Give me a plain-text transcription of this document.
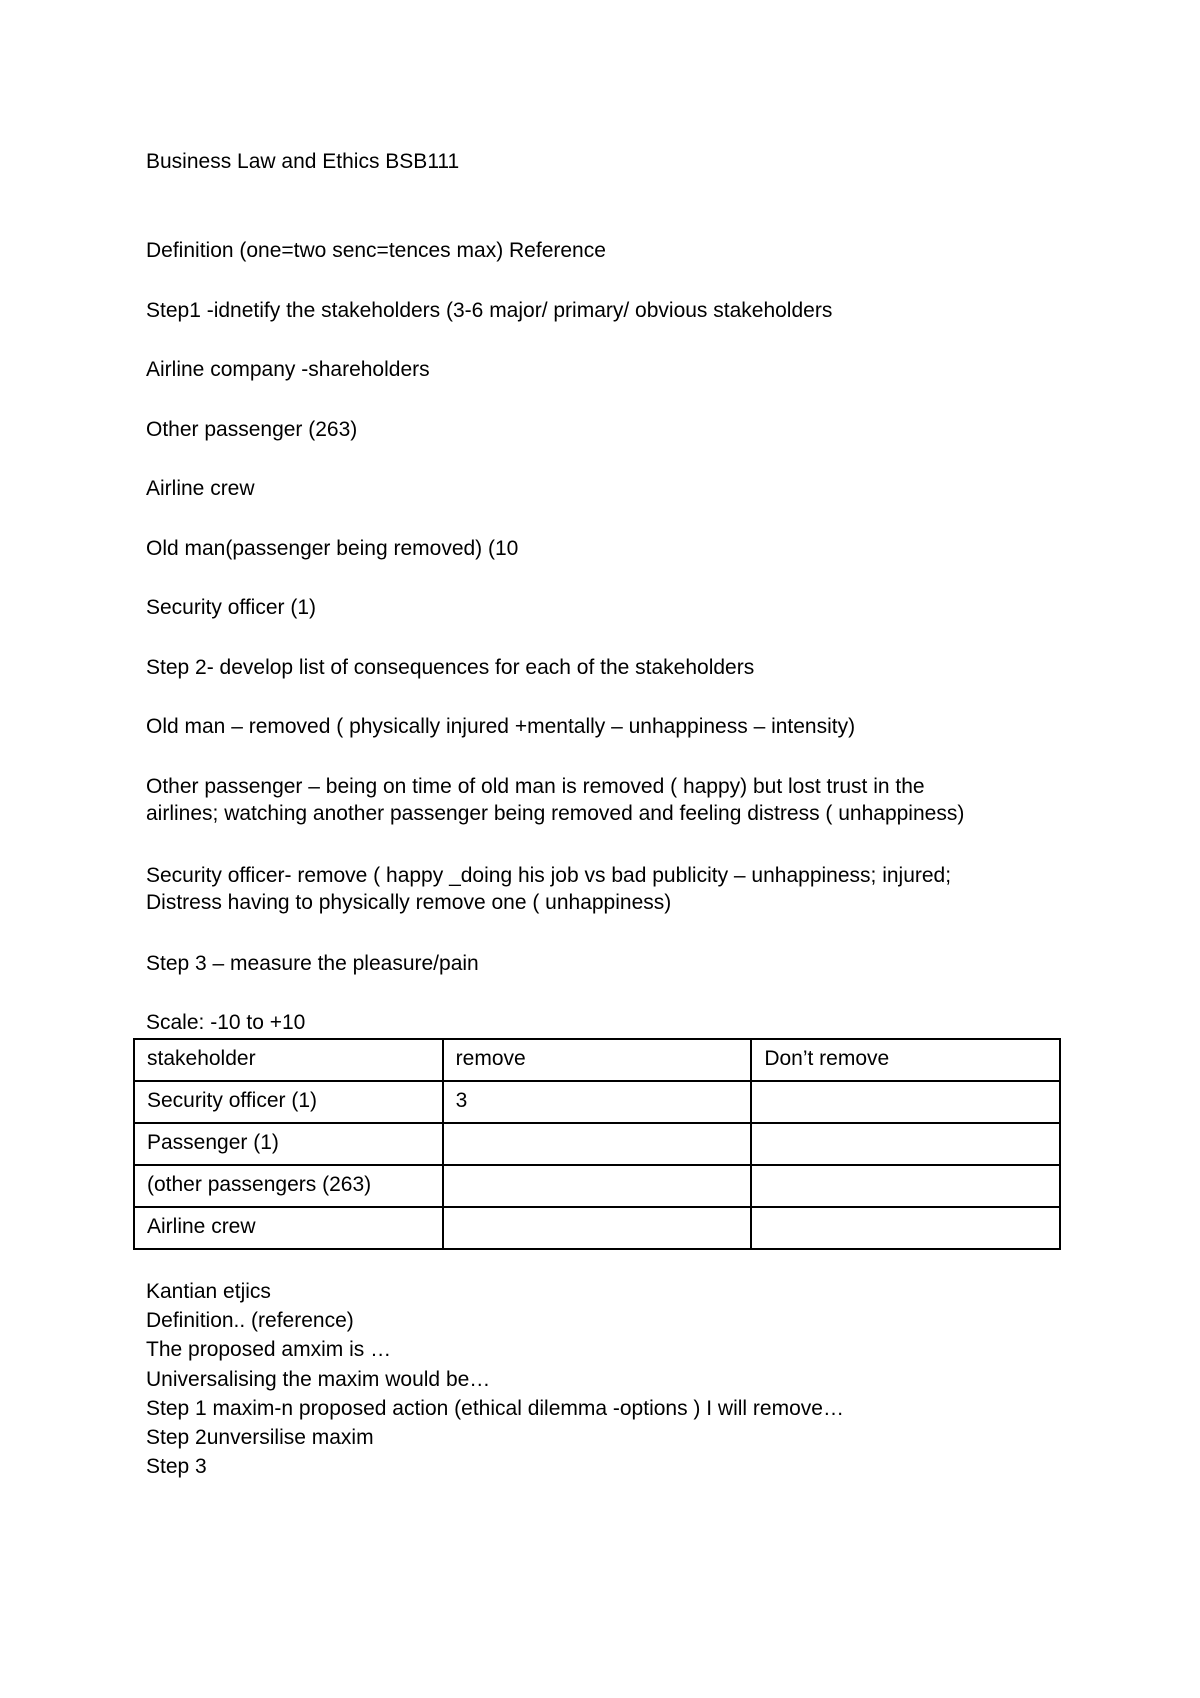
Business Law and Ethics BSB111

Definition (one=two senc=tences max) Reference

Step1 -idnetify the stakeholders (3-6 major/ primary/ obvious stakeholders

Airline company -shareholders

Other passenger (263)

Airline crew

Old man(passenger being removed) (10

Security officer (1)

Step 2- develop list of consequences for each of the stakeholders

Old man – removed ( physically injured +mentally – unhappiness – intensity)

Other passenger – being on time of old man is removed ( happy) but lost trust in the
airlines; watching another passenger being removed and feeling distress ( unhappiness)
Security officer- remove ( happy _doing his job vs bad publicity – unhappiness; injured;
Distress having to physically remove one ( unhappiness)

Step 3 – measure the pleasure/pain

Scale: -10 to +10

stakeholder	remove	Don’t remove
Security officer (1)	3	
Passenger (1)		
(other passengers (263)		
Airline crew		
Kantian etjics
Definition.. (reference)
The proposed amxim is …
Universalising the maxim would be…
Step 1 maxim-n proposed action (ethical dilemma -options ) I will remove…
Step 2unversilise maxim
Step 3
